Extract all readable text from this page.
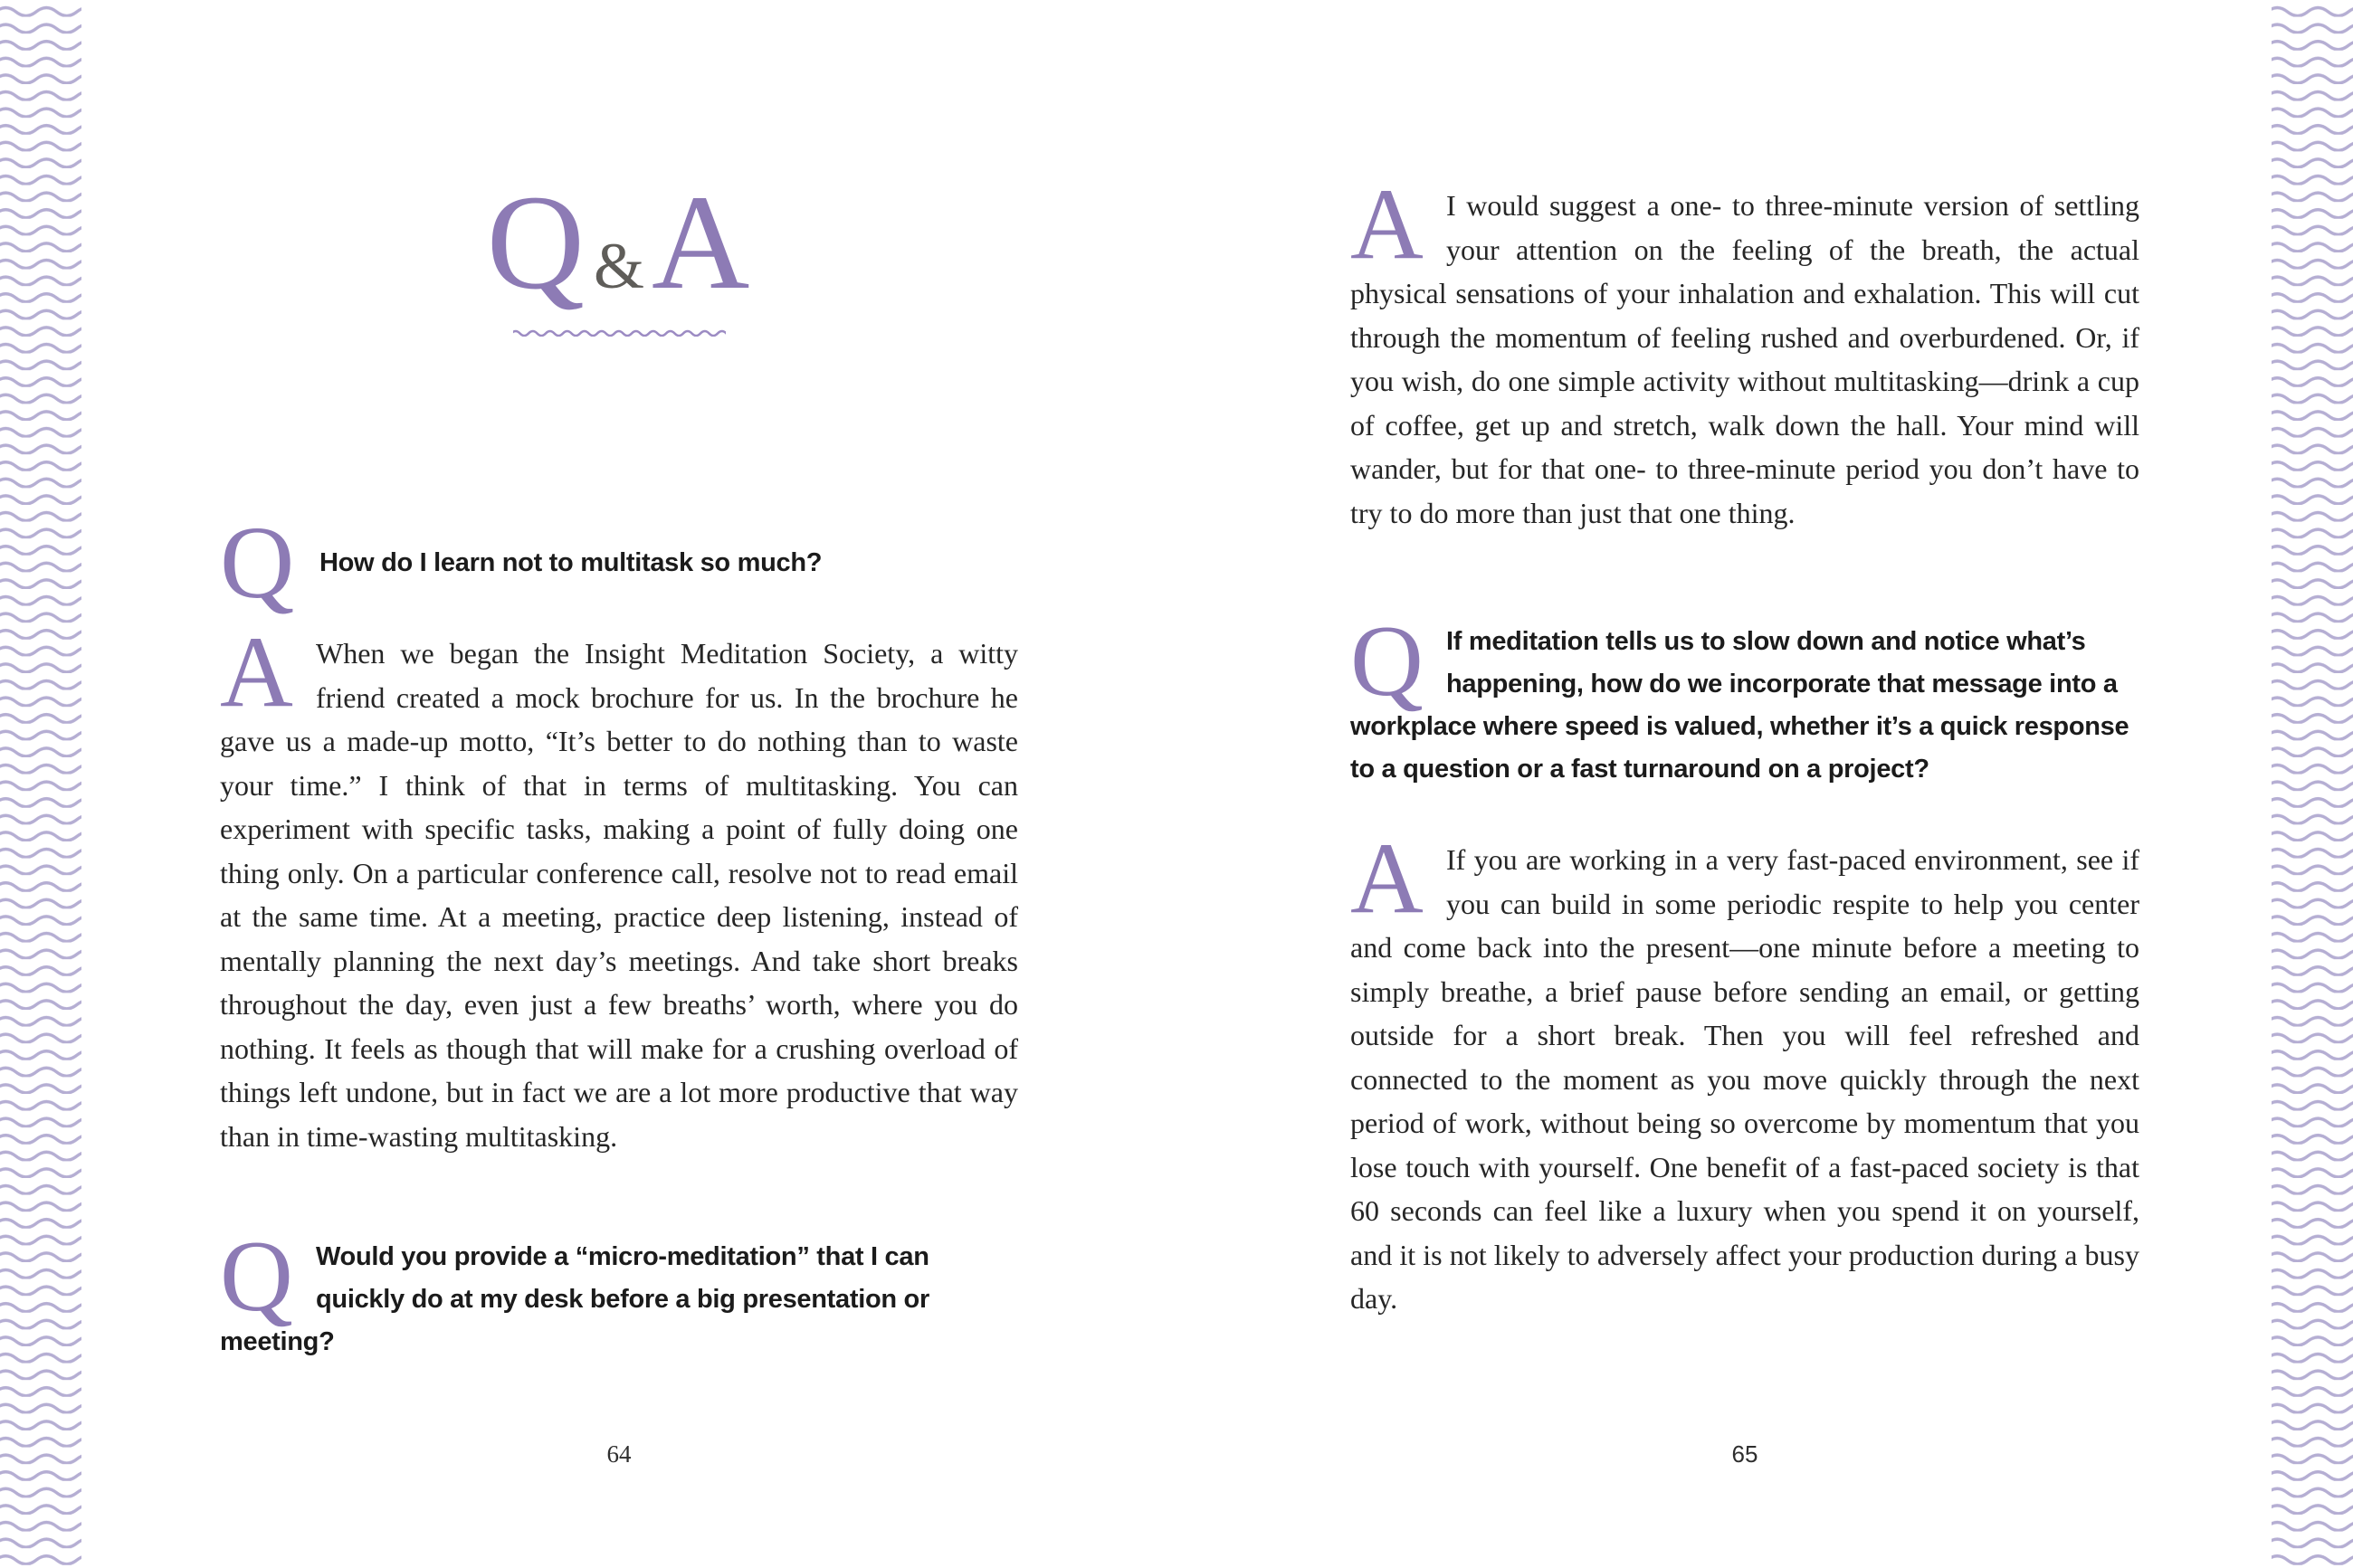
Q &A
Q How do I learn not to multitask so much?
A When we began the Insight Meditation Society, a witty friend created a mock brochure for us. In the brochure he gave us a made-up motto, “It’s better to do nothing than to waste your time.” I think of that in terms of multitasking. You can experiment with specific tasks, making a point of fully doing one thing only. On a particular conference call, resolve not to read email at the same time. At a meeting, practice deep listening, instead of mentally planning the next day’s meetings. And take short breaks throughout the day, even just a few breaths’ worth, where you do nothing. It feels as though that will make for a crushing overload of things left undone, but in fact we are a lot more productive that way than in time-wasting multitasking.
Q Would you provide a “micro-meditation” that I can quickly do at my desk before a big presentation or meeting?
64
A I would suggest a one- to three-minute version of settling your attention on the feeling of the breath, the actual physical sensations of your inhalation and exhalation. This will cut through the momentum of feeling rushed and overburdened. Or, if you wish, do one simple activity without multitasking—drink a cup of coffee, get up and stretch, walk down the hall. Your mind will wander, but for that one- to three-minute period you don’t have to try to do more than just that one thing.
Q If meditation tells us to slow down and notice what’s happening, how do we incorporate that message into a workplace where speed is valued, whether it’s a quick response to a question or a fast turnaround on a project?
A If you are working in a very fast-paced environment, see if you can build in some periodic respite to help you center and come back into the present—one minute before a meeting to simply breathe, a brief pause before sending an email, or getting outside for a short break. Then you will feel refreshed and connected to the moment as you move quickly through the next period of work, without being so overcome by momentum that you lose touch with yourself. One benefit of a fast-paced society is that 60 seconds can feel like a luxury when you spend it on yourself, and it is not likely to adversely affect your production during a busy day.
65
